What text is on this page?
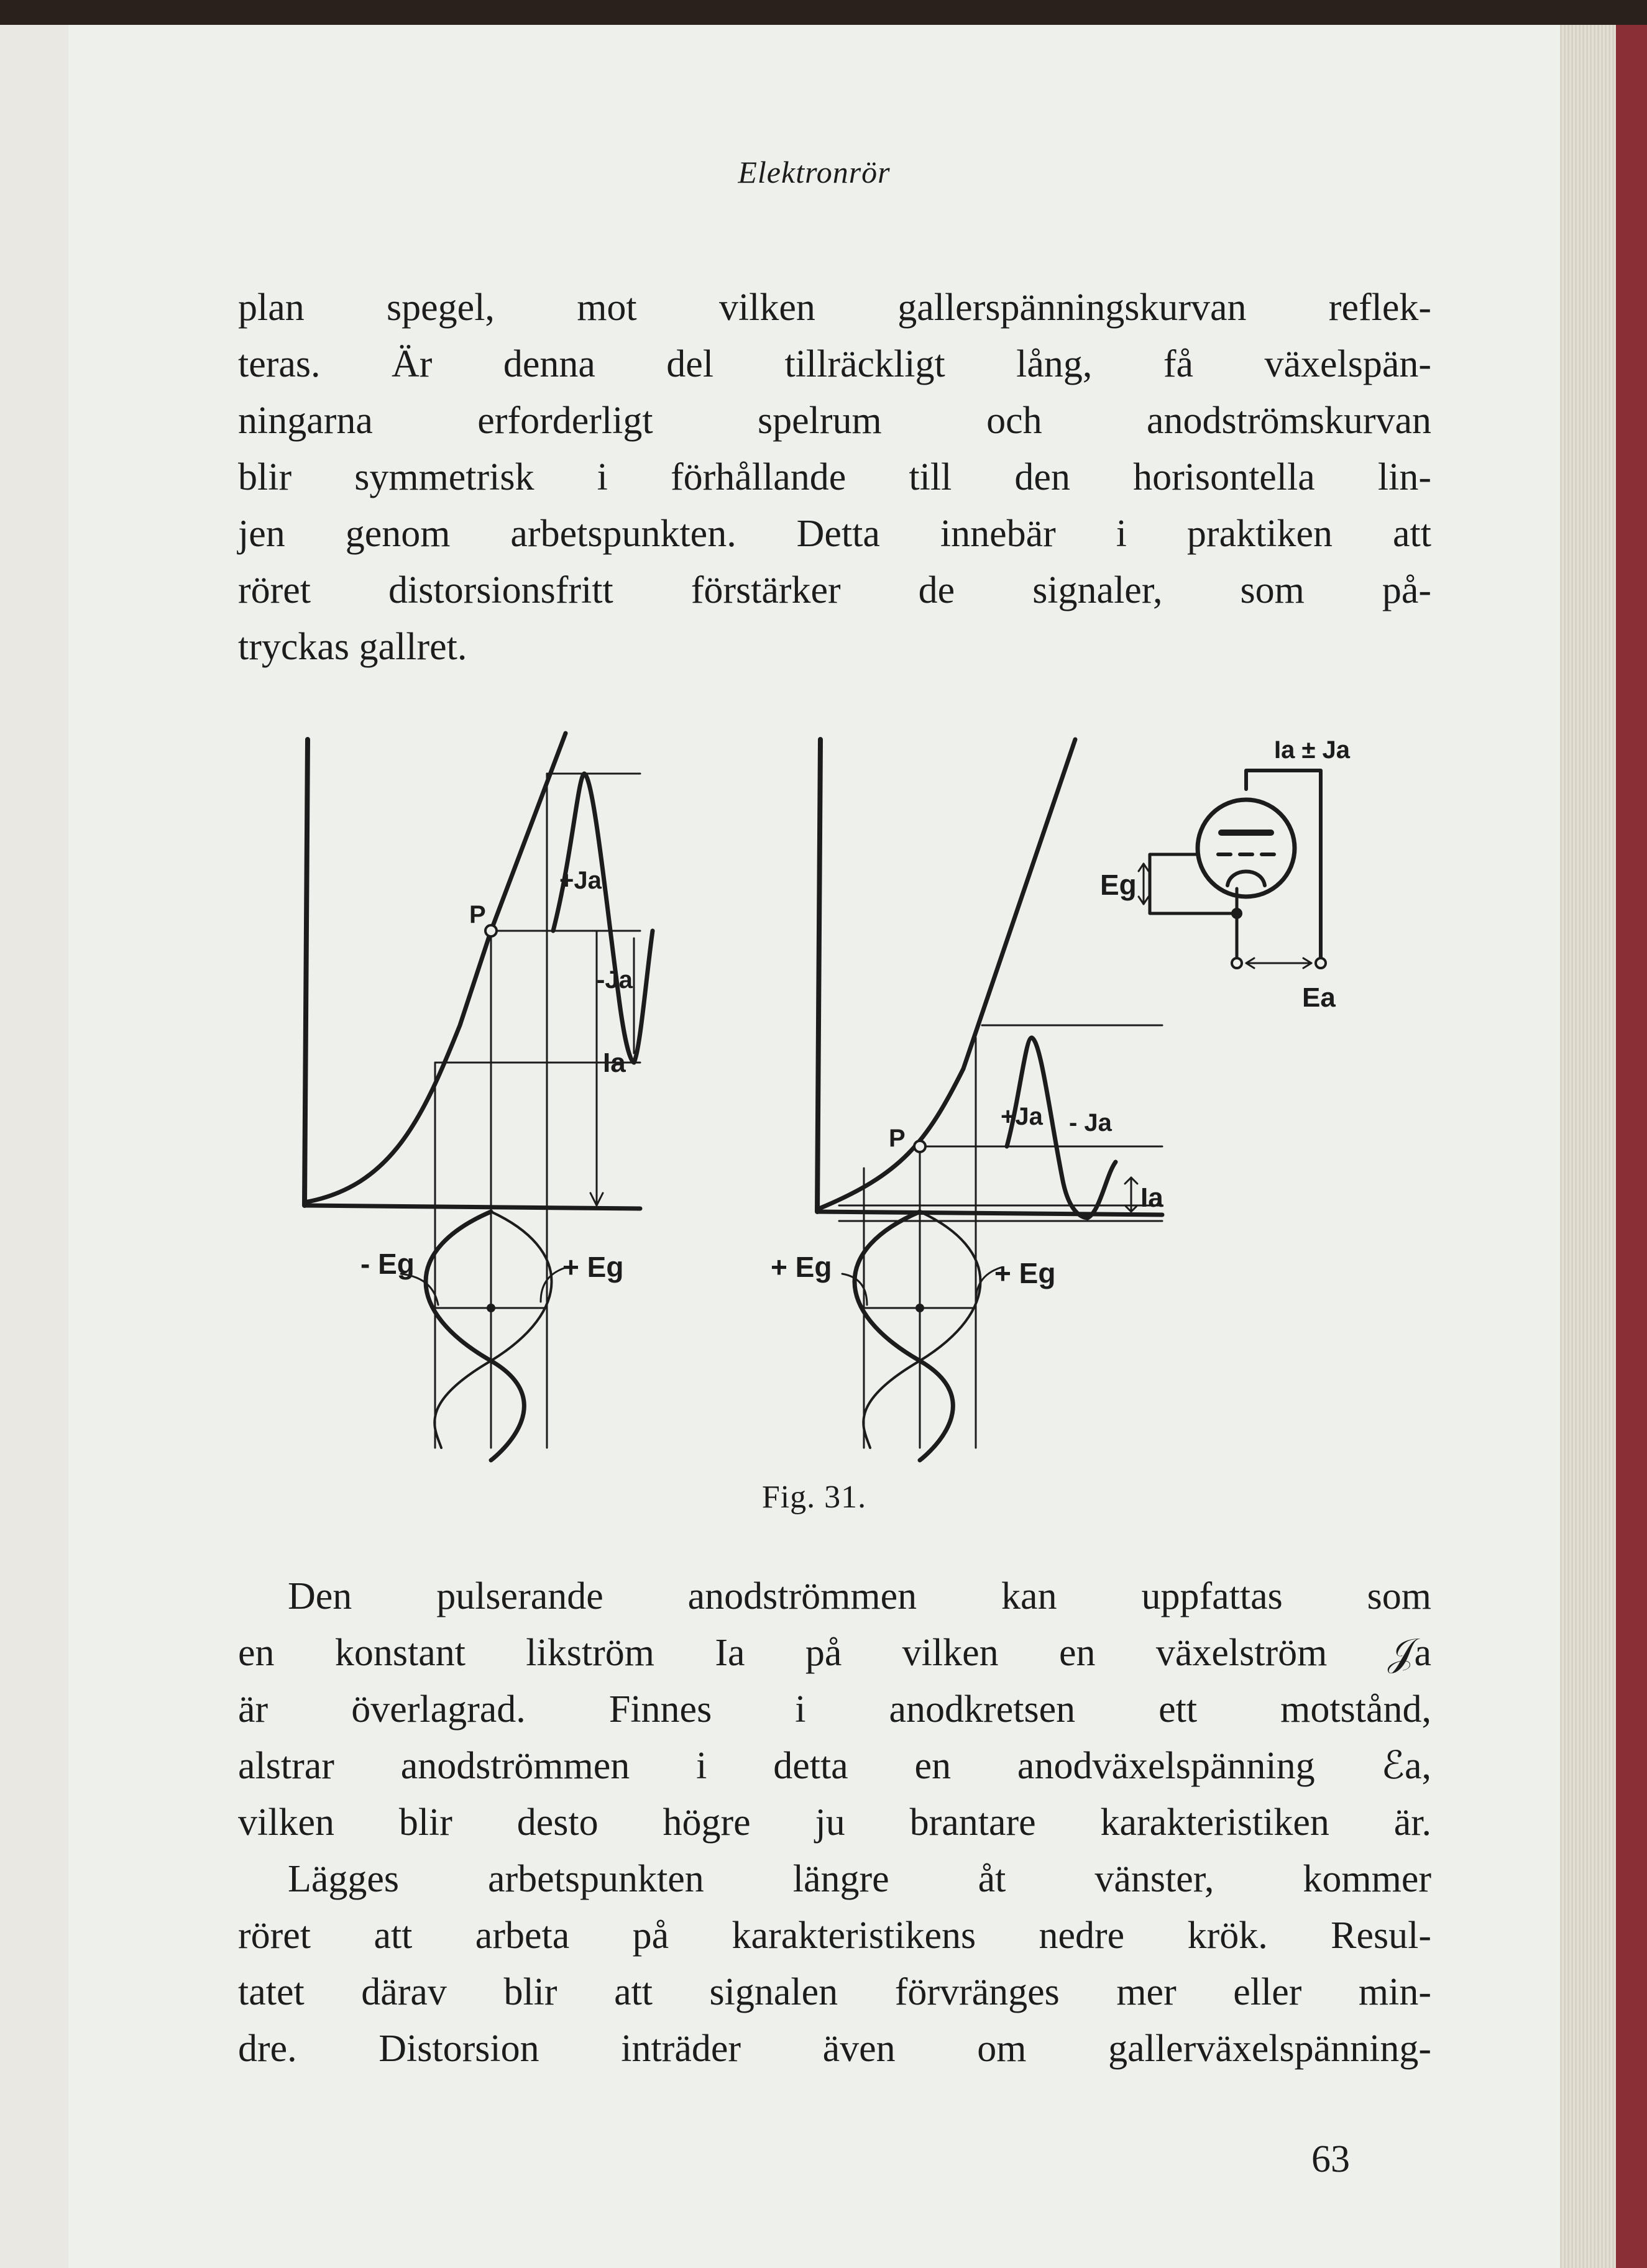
Elektronrör
plan spegel, mot vilken gallerspänningskurvan reflek-
teras. Är denna del tillräckligt lång, få växelspän-
ningarna erforderligt spelrum och anodströmskurvan
blir symmetrisk i förhållande till den horisontella lin-
jen genom arbetspunkten. Detta innebär i praktiken att
röret distorsionsfritt förstärker de signaler, som på-
tryckas gallret.
P
+Ja
-Ja
Ia
- Eg	+ Eg
P
+Ja - Ja
Ia
+ Eg	+ Eg
Ia ± Ja
Eg
Ea
Fig. 31.
Den pulserande anodströmmen kan uppfattas som
en konstant likström Ia på vilken en växelström 𝒥a
är överlagrad. Finnes i anodkretsen ett motstånd,
alstrar anodströmmen i detta en anodväxelspänning ℰa,
vilken blir desto högre ju brantare karakteristiken är.
Lägges arbetspunkten längre åt vänster, kommer
röret att arbeta på karakteristikens nedre krök. Resul-
tatet därav blir att signalen förvränges mer eller min-
dre. Distorsion inträder även om gallerväxelspänning-
63
